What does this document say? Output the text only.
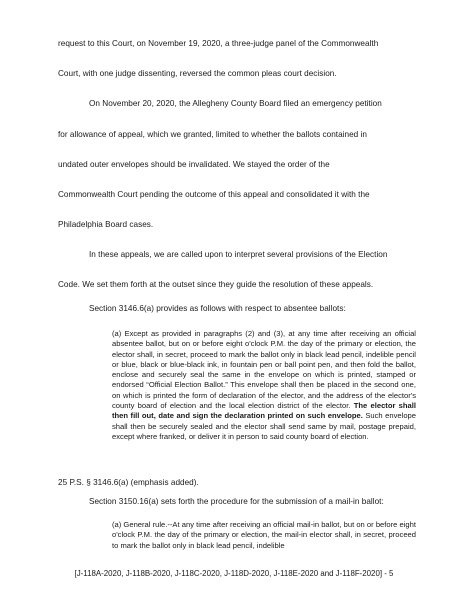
request to this Court, on November 19, 2020, a three-judge panel of the Commonwealth

Court, with one judge dissenting, reversed the common pleas court decision.

On November 20, 2020, the Allegheny County Board filed an emergency petition

for allowance of appeal, which we granted, limited to whether the ballots contained in

undated outer envelopes should be invalidated. We stayed the order of the

Commonwealth Court pending the outcome of this appeal and consolidated it with the

Philadelphia Board cases.

In these appeals, we are called upon to interpret several provisions of the Election

Code. We set them forth at the outset since they guide the resolution of these appeals.

Section 3146.6(a) provides as follows with respect to absentee ballots:

(a) Except as provided in paragraphs (2) and (3), at any time after receiving an official absentee ballot, but on or before eight o'clock P.M. the day of the primary or election, the elector shall, in secret, proceed to mark the ballot only in black lead pencil, indelible pencil or blue, black or blue-black ink, in fountain pen or ball point pen, and then fold the ballot, enclose and securely seal the same in the envelope on which is printed, stamped or endorsed “Official Election Ballot.” This envelope shall then be placed in the second one, on which is printed the form of declaration of the elector, and the address of the elector's county board of election and the local election district of the elector. The elector shall then fill out, date and sign the declaration printed on such envelope. Such envelope shall then be securely sealed and the elector shall send same by mail, postage prepaid, except where franked, or deliver it in person to said county board of election.

25 P.S. § 3146.6(a) (emphasis added).

Section 3150.16(a) sets forth the procedure for the submission of a mail-in ballot:

(a) General rule.--At any time after receiving an official mail-in ballot, but on or before eight o'clock P.M. the day of the primary or election, the mail-in elector shall, in secret, proceed to mark the ballot only in black lead pencil, indelible

[J-118A-2020, J-118B-2020, J-118C-2020, J-118D-2020, J-118E-2020 and J-118F-2020] - 5
